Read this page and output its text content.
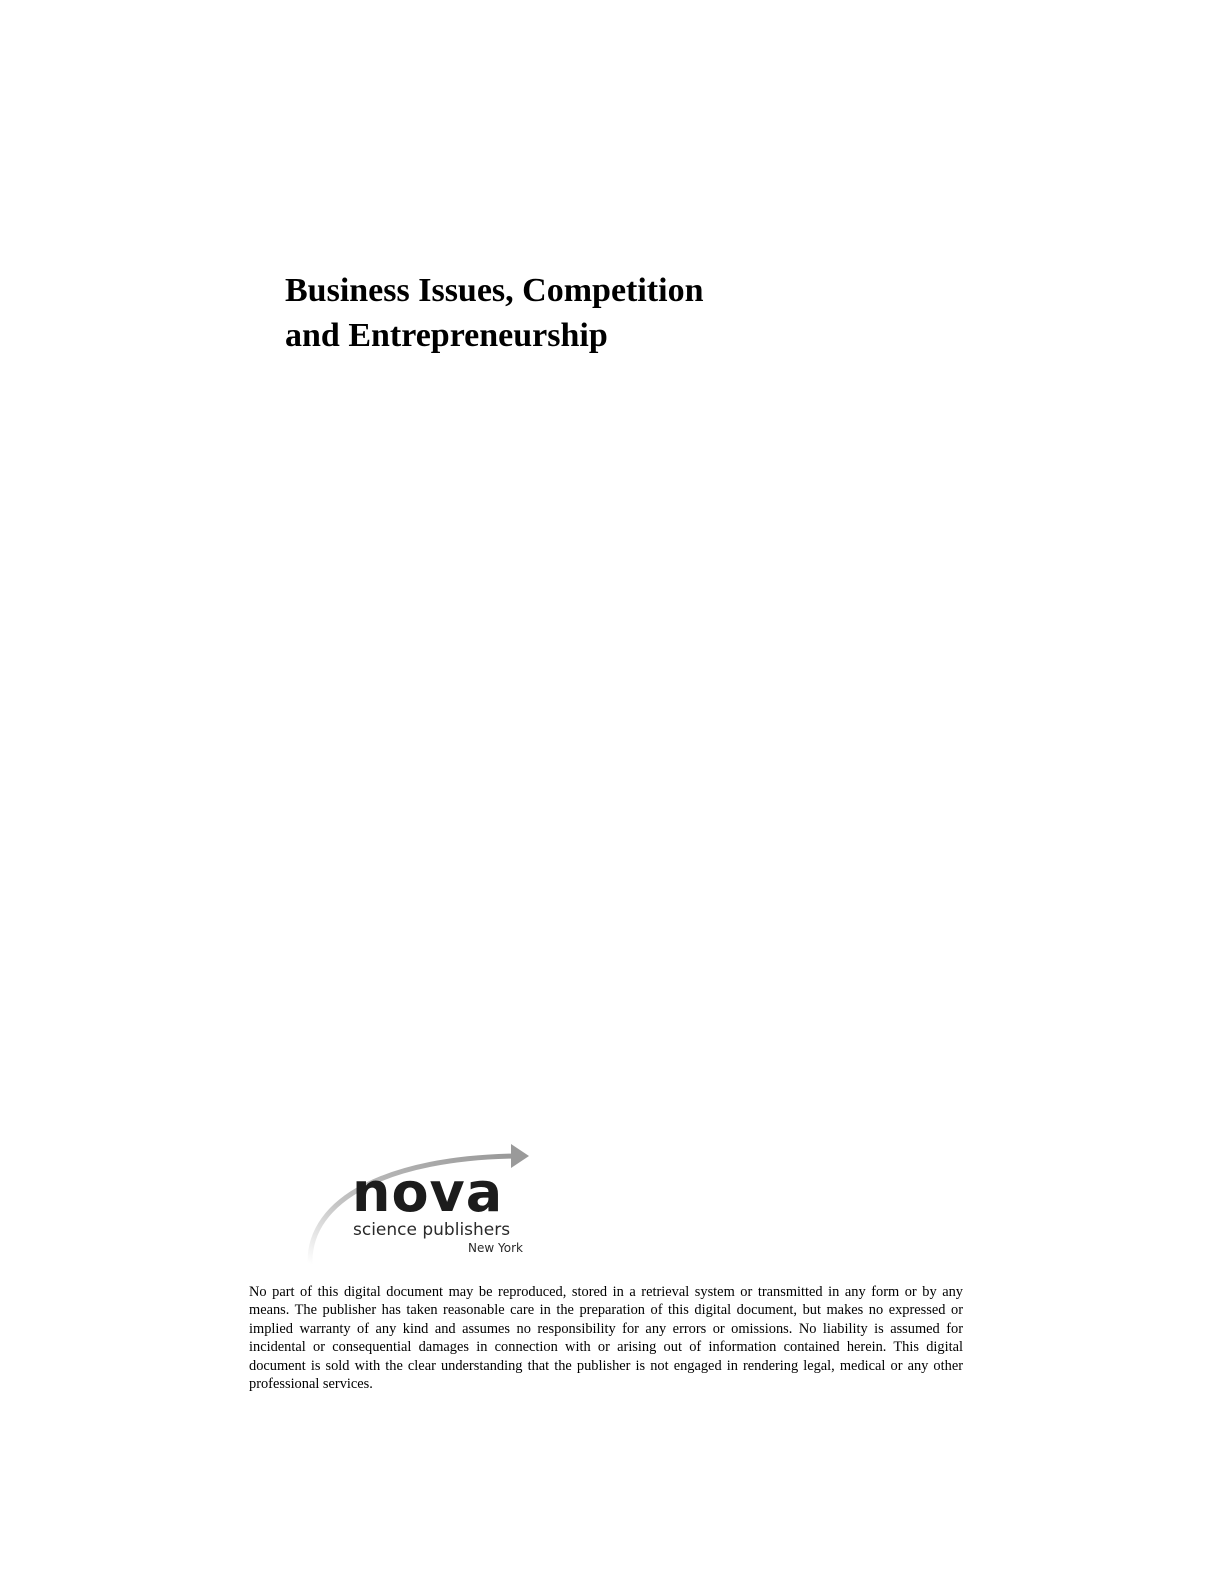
Business Issues, Competition
and Entrepreneurship
nova
science publishers
New York

No part of this digital document may be reproduced, stored in a retrieval system or transmitted in any form or by any means. The publisher has taken reasonable care in the preparation of this digital document, but makes no expressed or implied warranty of any kind and assumes no responsibility for any errors or omissions. No liability is assumed for incidental or consequential damages in connection with or arising out of information contained herein. This digital document is sold with the clear understanding that the publisher is not engaged in rendering legal, medical or any other professional services.
